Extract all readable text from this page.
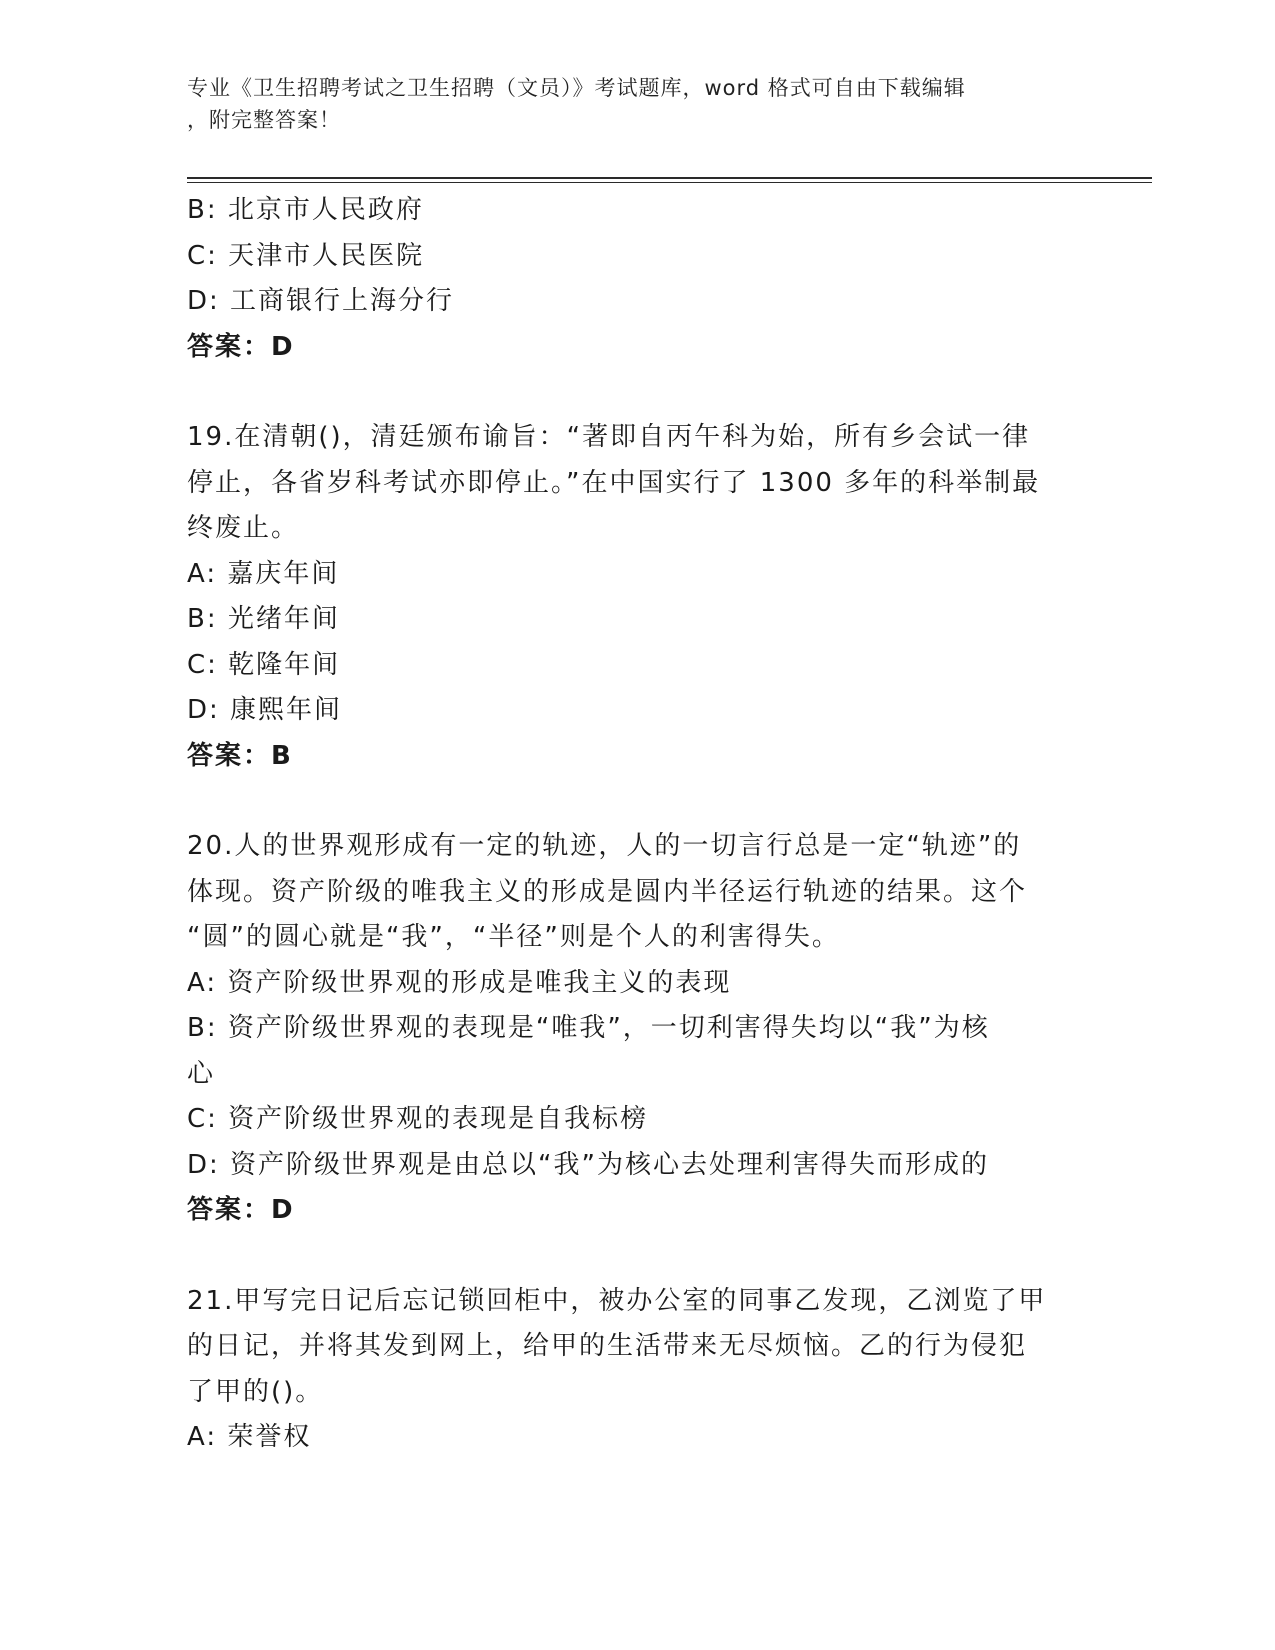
专业《卫生招聘考试之卫生招聘（文员）》考试题库，word 格式可自由下载编辑
，附完整答案！
B: 北京市人民政府
C: 天津市人民医院
D: 工商银行上海分行
答案：D
19.在清朝()，清廷颁布谕旨：“著即自丙午科为始，所有乡会试一律
停止，各省岁科考试亦即停止。”在中国实行了 1300 多年的科举制最
终废止。
A: 嘉庆年间
B: 光绪年间
C: 乾隆年间
D: 康熙年间
答案：B
20.人的世界观形成有一定的轨迹，人的一切言行总是一定“轨迹”的
体现。资产阶级的唯我主义的形成是圆内半径运行轨迹的结果。这个
“圆”的圆心就是“我”，“半径”则是个人的利害得失。
A: 资产阶级世界观的形成是唯我主义的表现
B: 资产阶级世界观的表现是“唯我”，一切利害得失均以“我”为核
心
C: 资产阶级世界观的表现是自我标榜
D: 资产阶级世界观是由总以“我”为核心去处理利害得失而形成的
答案：D
21.甲写完日记后忘记锁回柜中，被办公室的同事乙发现，乙浏览了甲
的日记，并将其发到网上，给甲的生活带来无尽烦恼。乙的行为侵犯
了甲的()。
A: 荣誉权
